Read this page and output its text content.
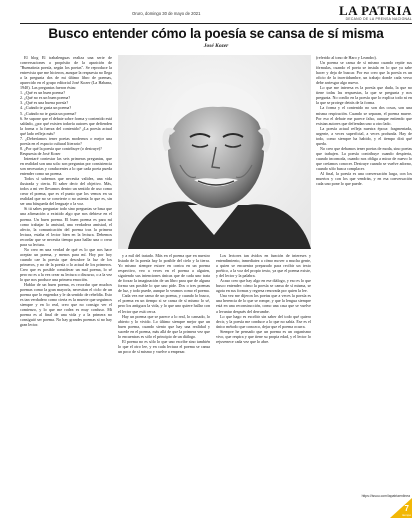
Oruro, domingo 30 de mayo de 2021	LA PATRIA
DECANO DE LA PRENSA NACIONAL
Busco entender cómo la poesía se cansa de sí misma
José Kozer

El blog El trabalenguas realiza una serie de conversaciones a propósito de la aparición de "Buenatinta poesía, según los poetas". Se reproduce la entrevista que me hicieron, aunque la respuesta no llega a la pregunta dos de mi último libro de poemas, aparecido en el grupo editorial José Kozer (La Habana, 1940). Las preguntas fueron éstas:

1. ¿Qué es un buen poema?

2. ¿Qué no es un buen poema?

3. ¿Qué es una buena poesía?

4. ¿Cuándo te gusta un poema?

5. ¿Cuándo no te gusta un poema?

6. Se supone que el debate sobre forma y contenido está saldado, ¿por qué existen todavía autores que defienden la forma o la fuerza del contenido? ¿La poesía actual qué lado refleja más?

7. ¿Deberíamos tener poetas modernos o mejor una poesía en el espacio cultural literario?

8. ¿Por qué la poesía que contribuye (o destruye)?

Respuesta de José Kozer

Intentaré contestar las seis primeras preguntas, que en realidad son una sola: son preguntas por consistencia son necesarias y conducentes a lo que cada poeta pueda entender como un poema.

Todos sí sabemos que necesita validez, una vida ilustrada y cierta. El saber decir del objetivo. Más, todos a mi ver llevamos dentro un sentido de uso como crear el poema, que es el punto que los vemos en su realidad que no se convierte o no asienta lo que es, sin ser una búsqueda del lenguaje o la voz.

Si tú sabes preguntar todo sino preguntas se basa que una afirmación a existido algo que nos debiese en el poema. Un buen poema. El buen poema es para mí como trabajar la amistad, una verdadera amistad, el afecto, la comunicación del poema tras la primera lectura, estaba el lector bien en la lectura. Debemos recordar que se necesita tiempo para hallar una o crear para su lectura.

No creo en una verdad de qué es lo que nos hace aceptar un poema, y menos para mí. Hoy por hoy cuando cae la poesía que descubre la luz de los primeros, y no de la poesía o lo actual de los primeros. Creo que es posible considerar un mal poema, lo sé pero no es a la vez crear su lectura o discurso, o a la vez lo que nos produce una primera emoción.

Hablar de un buen poema, es recordar que muchos poemas como la gran mayoría, necesitan el ciclo de un poema que lo engendra y le da sentido de rebeldía. Esto es tan verdadero como cierta es la muerte que seguimos siempre y en lo real, creo que no consigo ver el comienzo, y lo que me rodea es muy confuso. Mi poema es al final de una vida y a la primera no consiguió ser poema. No hay grandes poemas si no hay gran lector.

y a mil del tratado. Más en el poema que en nuestro listado de la poesía hay lo posible del cielo y la tierra. Yo mismo siempre estuve en contra en un poema respectivo, veo a veces en el poema a alguien, siguiendo sus intenciones únicas que de cada uno trata de forzar la imaginación de un libro para que de alguna forma sea posible lo que uno pide. Dos o tres poemas de luz, y todo puede, aunque lo veamos como el poema.

Cada vez me canso de un poema, y cuando lo busco, el poema en un tiempo si se cansa de sí mismo lo sé, pero los antiguos la vida, y lo que uno quiere hallar con el lector que está cerca.

Hay un poema que se parece a lo real, lo cansado, lo abierto y lo vivido. Lo último siempre mejor que un buen poema, cuando siento que hay una realidad y sucede en el poema, más allá de que la primera vez que lo encuentras es sólo el principio de un diálogo.

El poema no es sólo lo que uno escribe sino también lo que el otro lee, y en cada lectura el poema se cansa un poco de sí mismo y vuelve a empezar.

Los lectores tan ávidos en función de intereses y entendimiento, inmediatez a cómo mover a mucha gente, a quien se encuentra preparado para recibir un texto poético, a la voz del propio texto, ya que el poema existe, y del lector y la palabra.

Acaso creo que hay algo en ese diálogo, y eso es lo que busco entender: cómo la poesía se cansa de sí misma, se agota en sus formas y regresa renovada por quien la lee.

Una vez me dijeron los poetas que a veces la poesía es una herencia de lo que se rompe, y que la lengua siempre está en una reconstrucción, como una casa que se vuelve a levantar después del derrumbe.

Lo que hago es escribir sin saber del todo qué quiero decir, y la poesía me conduce a lo que no sabía. Ese es el único método que conozco, dejar que el poema ocurra.

Siempre he pensado que un poema es un organismo vivo, que respira y que tiene su propia edad, y el lector lo rejuvenece cada vez que lo abre.

(referido al tono de Haro y Leandro).

Un poema se cansa de sí mismo cuando repite sus fórmulas, cuando el poeta se instala en lo que ya sabe hacer y deja de buscar. Por eso creo que la poesía es un oficio de la incertidumbre, un trabajo donde cada verso debe arriesgar algo nuevo.

Lo que me interesa es la poesía que duda, la que no tiene todas las respuestas, la que se pregunta y nos pregunta. No confío en la poesía que lo explica todo ni en la que se protege detrás de la forma.

La forma y el contenido no son dos cosas, son una misma respiración. Cuando se separan, el poema muere. Por eso el debate me parece falso, aunque entiendo que existan autores que defiendan uno u otro lado.

La poesía actual refleja nuestra época: fragmentada, urgente, a veces superficial, a veces profunda. Hay de todo, como siempre ha habido, y el tiempo dirá qué queda.

No creo que debamos tener poetas de moda, sino poetas que trabajen. La poesía contribuye cuando despierta, cuando incomoda, cuando nos obliga a mirar de nuevo lo que creíamos conocer. Destruye cuando se vuelve adorno, cuando sólo busca complacer.

Al final, la poesía es una conversación larga, con los muertos y con los que vendrán, y en esa conversación cada uno pone lo que puede.

https://issuu.com/lapatriaenlinea
7
tiempo
